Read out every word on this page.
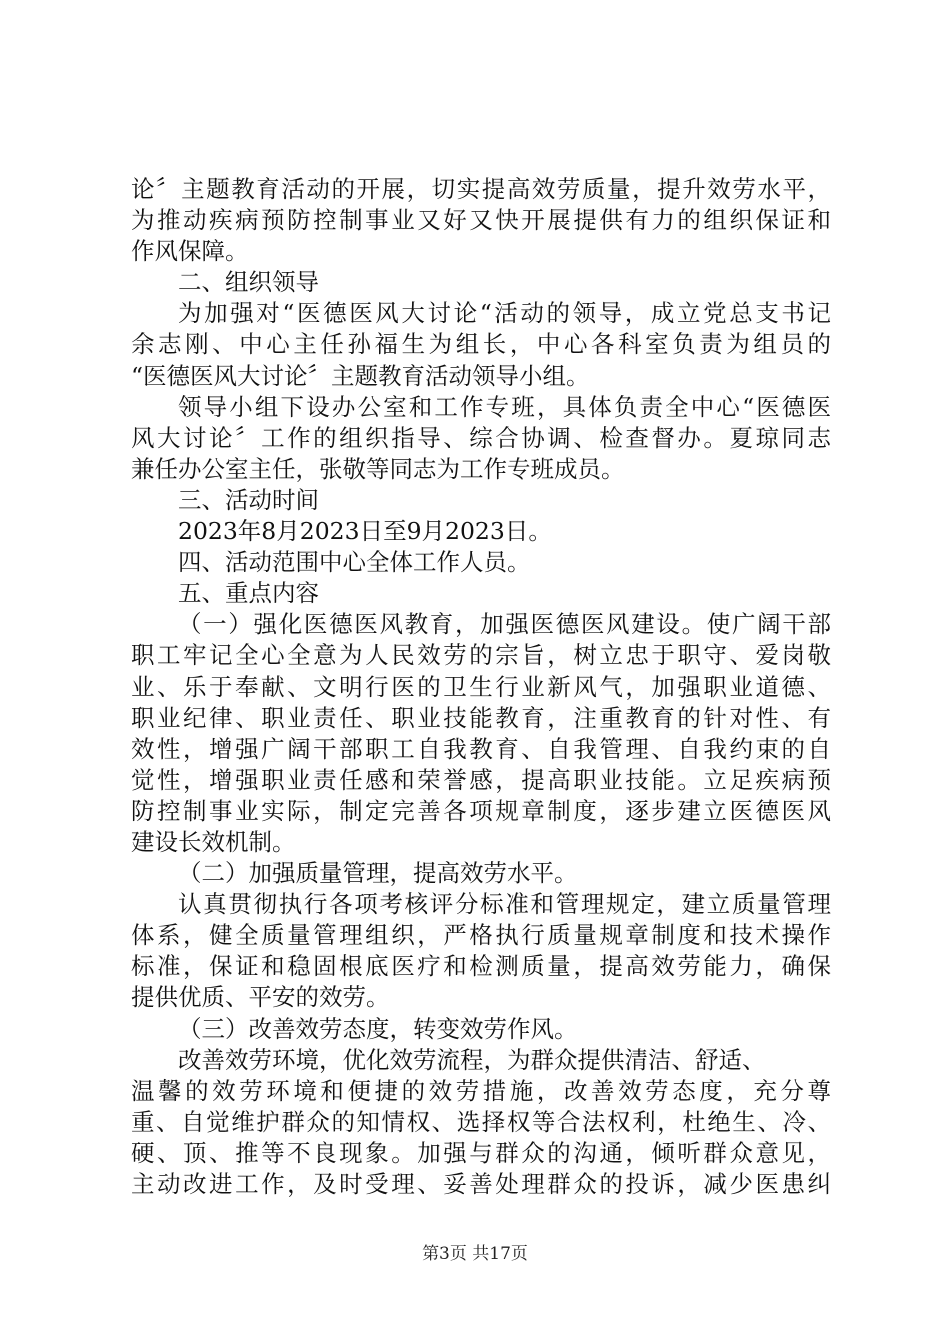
论〞主题教育活动的开展，切实提高效劳质量，提升效劳水平，
为推动疾病预防控制事业又好又快开展提供有力的组织保证和
作风保障。
二、组织领导
为加强对“医德医风大讨论“活动的领导，成立党总支书记
余志刚、中心主任孙福生为组长，中心各科室负责为组员的
“医德医风大讨论〞主题教育活动领导小组。
领导小组下设办公室和工作专班，具体负责全中心“医德医
风大讨论〞工作的组织指导、综合协调、检查督办。夏琼同志
兼任办公室主任，张敬等同志为工作专班成员。
三、活动时间
2023年8月2023日至9月2023日。
四、活动范围中心全体工作人员。
五、重点内容
（一）强化医德医风教育，加强医德医风建设。使广阔干部
职工牢记全心全意为人民效劳的宗旨，树立忠于职守、爱岗敬
业、乐于奉献、文明行医的卫生行业新风气，加强职业道德、
职业纪律、职业责任、职业技能教育，注重教育的针对性、有
效性，增强广阔干部职工自我教育、自我管理、自我约束的自
觉性，增强职业责任感和荣誉感，提高职业技能。立足疾病预
防控制事业实际，制定完善各项规章制度，逐步建立医德医风
建设长效机制。
（二）加强质量管理，提高效劳水平。
认真贯彻执行各项考核评分标准和管理规定，建立质量管理
体系，健全质量管理组织，严格执行质量规章制度和技术操作
标准，保证和稳固根底医疗和检测质量，提高效劳能力，确保
提供优质、平安的效劳。
（三）改善效劳态度，转变效劳作风。
改善效劳环境，优化效劳流程，为群众提供清洁、舒适、
温馨的效劳环境和便捷的效劳措施，改善效劳态度，充分尊
重、自觉维护群众的知情权、选择权等合法权利，杜绝生、冷、
硬、顶、推等不良现象。加强与群众的沟通，倾听群众意见，
主动改进工作，及时受理、妥善处理群众的投诉，减少医患纠
第3页 共17页
